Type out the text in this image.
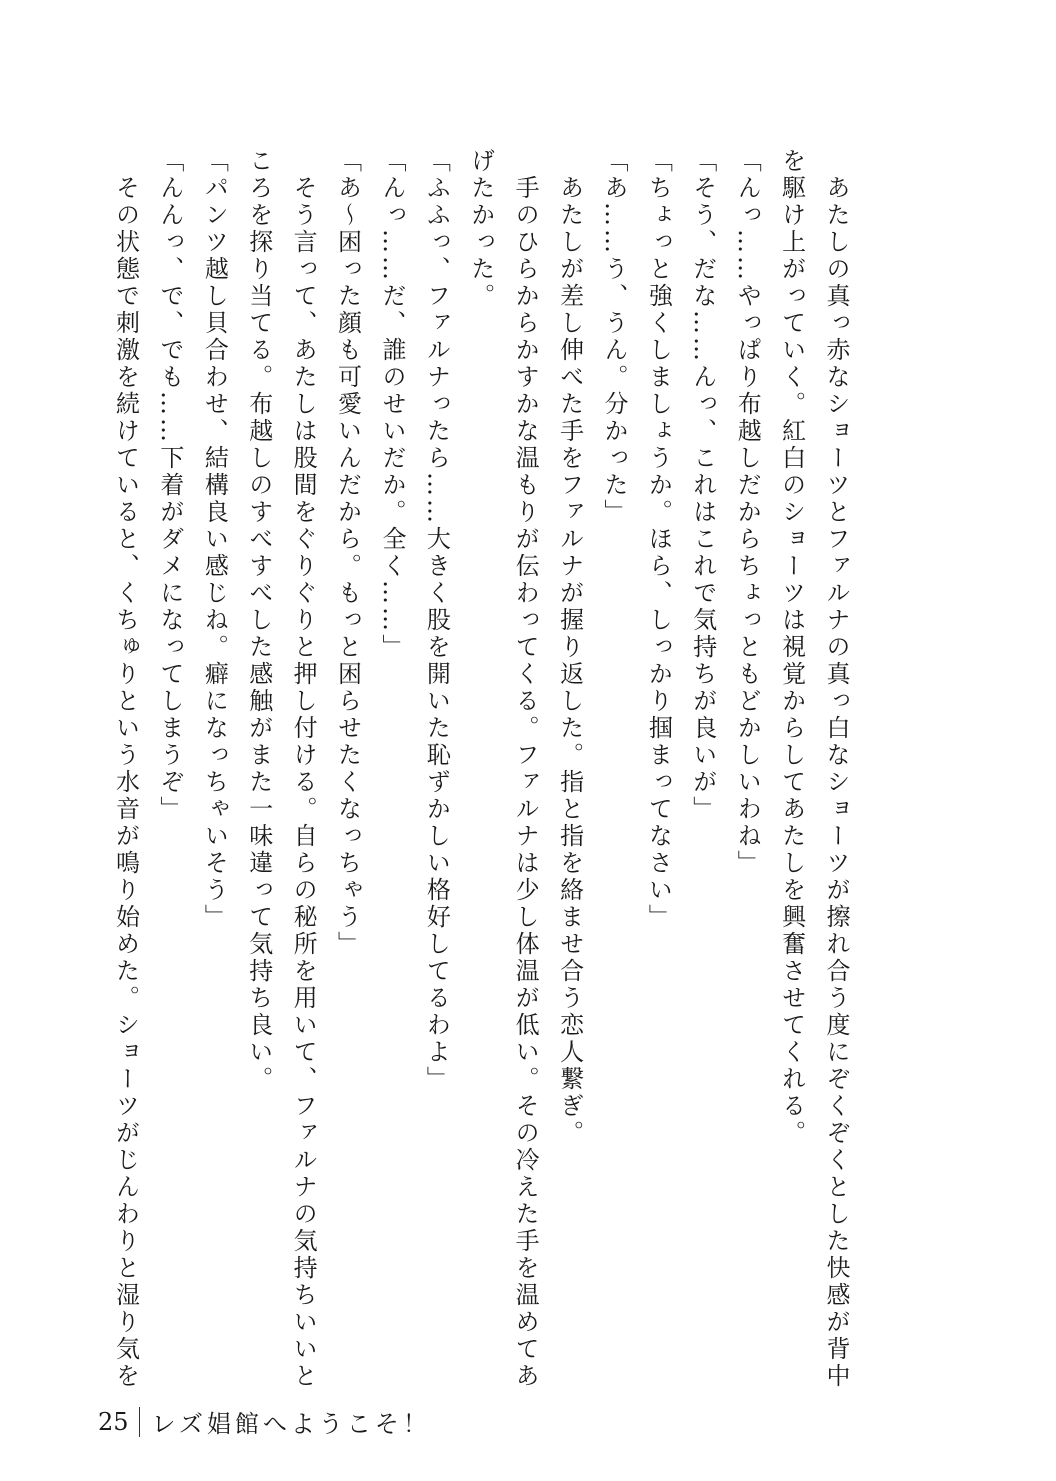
　あたしの真っ赤なショーツとファルナの真っ白なショーツが擦れ合う度にぞくぞくとした快感が背中

を駆け上がっていく。紅白のショーツは視覚からしてあたしを興奮させてくれる。

「んっ……やっぱり布越しだからちょっともどかしいわね」

「そう、だな……んっ、これはこれで気持ちが良いが」

「ちょっと強くしましょうか。ほら、しっかり掴まってなさい」

「あ……う、うん。分かった」

　あたしが差し伸べた手をファルナが握り返した。指と指を絡ませ合う恋人繋ぎ。

　手のひらからかすかな温もりが伝わってくる。ファルナは少し体温が低い。その冷えた手を温めてあ

げたかった。

「ふふっ、ファルナったら……大きく股を開いた恥ずかしい格好してるわよ」

「んっ……だ、誰のせいだか。全く……」

「あ～困った顔も可愛いんだから。もっと困らせたくなっちゃう」

　そう言って、あたしは股間をぐりぐりと押し付ける。自らの秘所を用いて、ファルナの気持ちいいと

ころを探り当てる。布越しのすべすべした感触がまた一味違って気持ち良い。

「パンツ越し貝合わせ、結構良い感じね。癖になっちゃいそう」

「んんっ、で、でも……下着がダメになってしまうぞ」

　その状態で刺激を続けていると、くちゅりという水音が鳴り始めた。ショーツがじんわりと湿り気を

25 レズ娼館へようこそ！
